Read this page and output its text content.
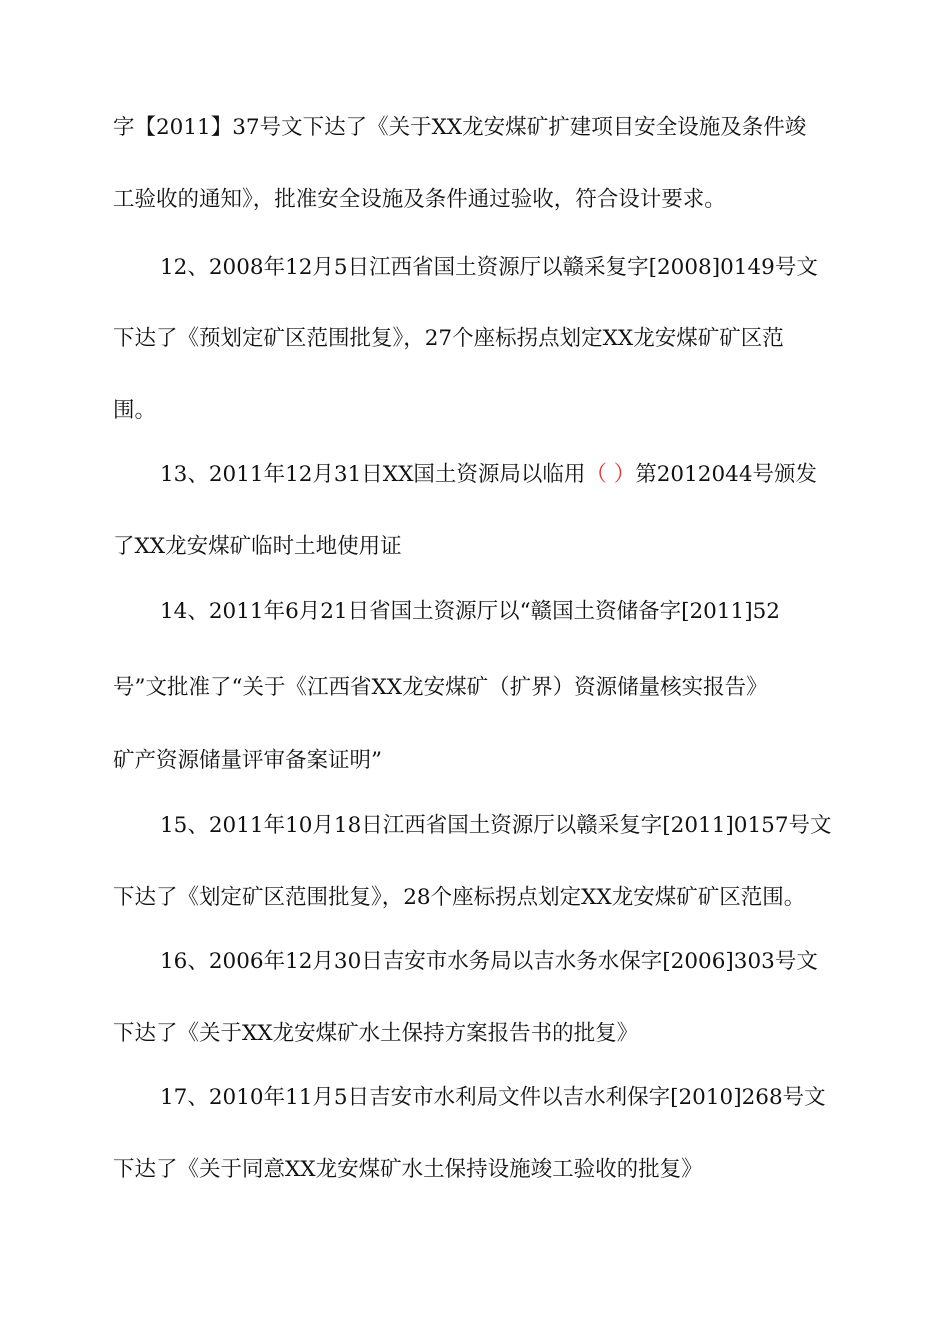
字【2011】37号文下达了《关于XX龙安煤矿扩建项目安全设施及条件竣
工验收的通知》，批准安全设施及条件通过验收，符合设计要求。
12、2008年12月5日江西省国土资源厅以赣采复字[2008]0149号文
下达了《预划定矿区范围批复》，27个座标拐点划定XX龙安煤矿矿区范
围。
13、2011年12月31日XX国土资源局以临用（ ）第2012044号颁发
了XX龙安煤矿临时土地使用证
14、2011年6月21日省国土资源厅以“赣国土资储备字[2011]52
号”文批准了“关于《江西省XX龙安煤矿（扩界）资源储量核实报告》
矿产资源储量评审备案证明”
15、2011年10月18日江西省国土资源厅以赣采复字[2011]0157号文
下达了《划定矿区范围批复》，28个座标拐点划定XX龙安煤矿矿区范围。
16、2006年12月30日吉安市水务局以吉水务水保字[2006]303号文
下达了《关于XX龙安煤矿水土保持方案报告书的批复》
17、2010年11月5日吉安市水利局文件以吉水利保字[2010]268号文
下达了《关于同意XX龙安煤矿水土保持设施竣工验收的批复》
